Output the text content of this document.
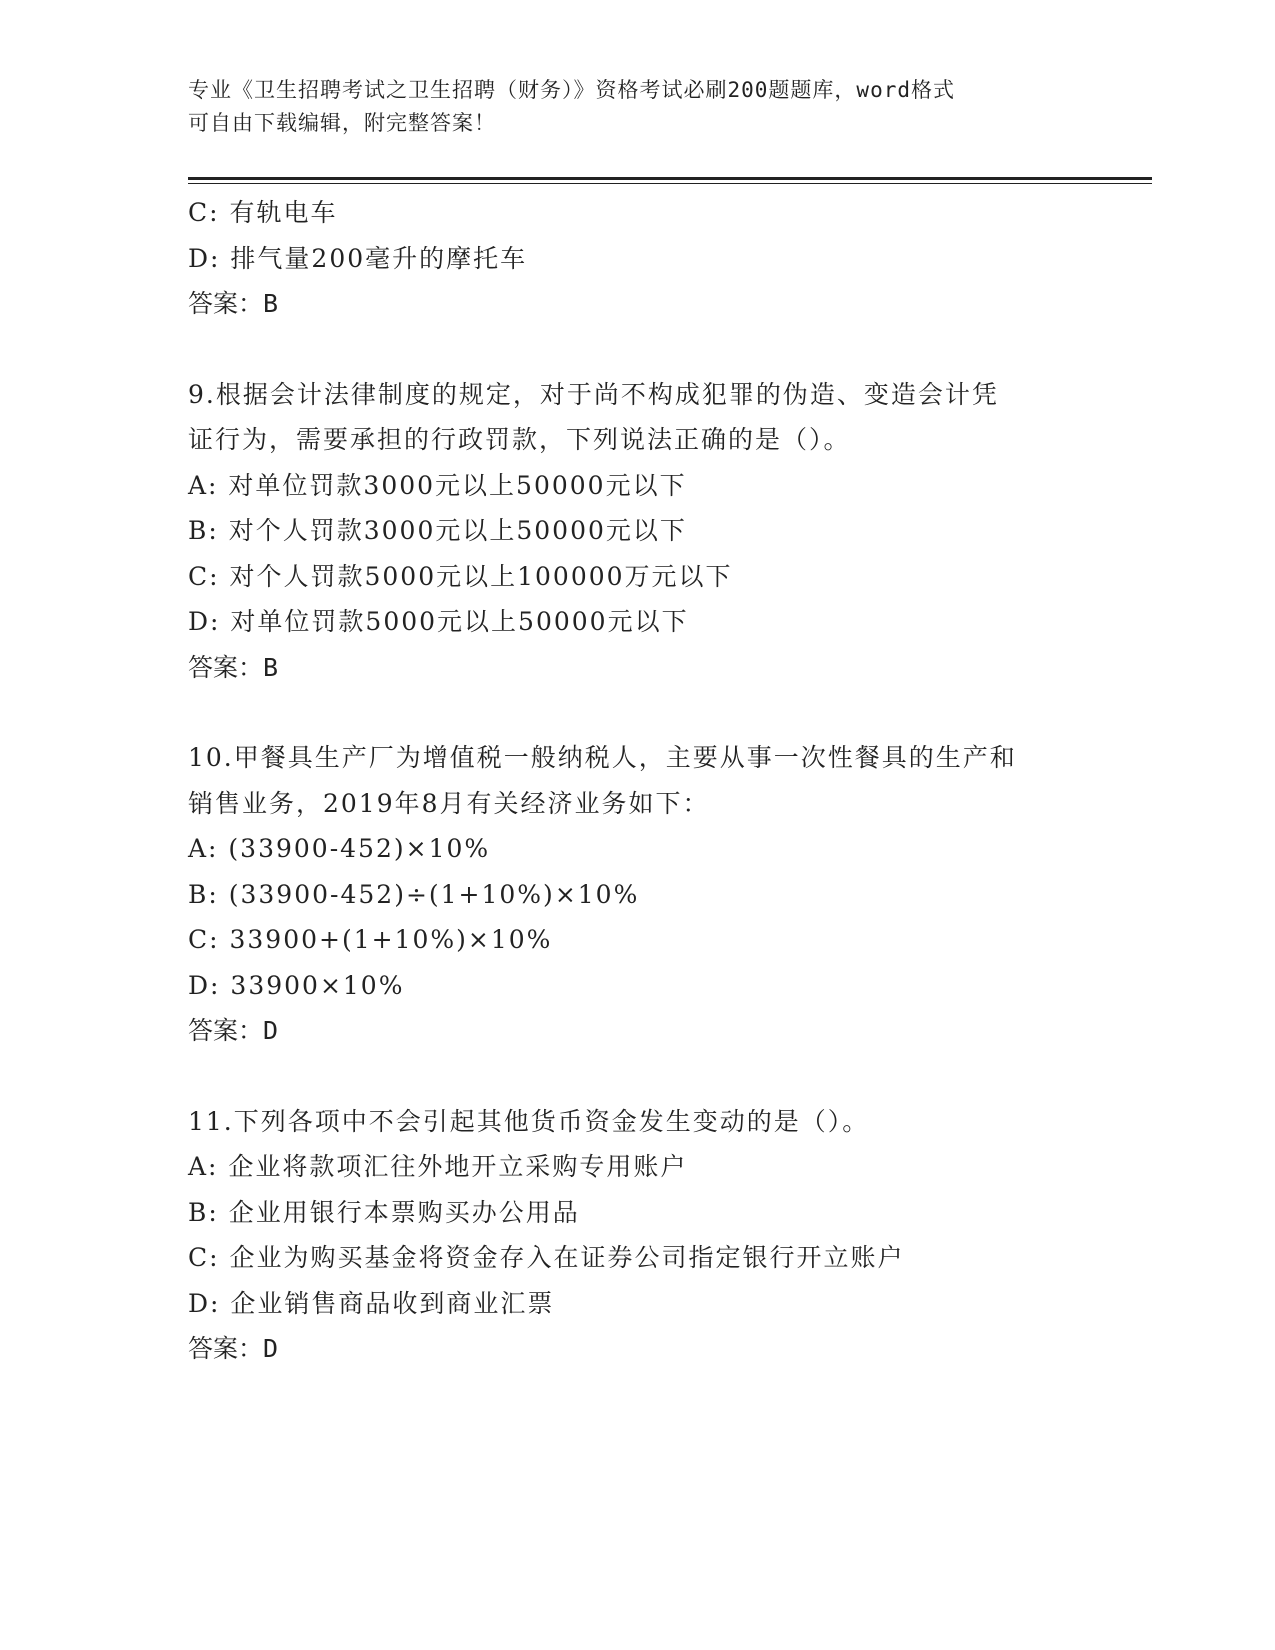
专业《卫生招聘考试之卫生招聘（财务）》资格考试必刷200题题库，word格式
可自由下载编辑，附完整答案！
C: 有轨电车
D: 排气量200毫升的摩托车
答案：B
9.根据会计法律制度的规定，对于尚不构成犯罪的伪造、变造会计凭
证行为，需要承担的行政罚款，下列说法正确的是（）。
A: 对单位罚款3000元以上50000元以下
B: 对个人罚款3000元以上50000元以下
C: 对个人罚款5000元以上100000万元以下
D: 对单位罚款5000元以上50000元以下
答案：B
10.甲餐具生产厂为增值税一般纳税人，主要从事一次性餐具的生产和
销售业务，2019年8月有关经济业务如下：
A: (33900-452)×10%
B: (33900-452)÷(1+10%)×10%
C: 33900+(1+10%)×10%
D: 33900×10%
答案：D
11.下列各项中不会引起其他货币资金发生变动的是（）。
A: 企业将款项汇往外地开立采购专用账户
B: 企业用银行本票购买办公用品
C: 企业为购买基金将资金存入在证券公司指定银行开立账户
D: 企业销售商品收到商业汇票
答案：D
